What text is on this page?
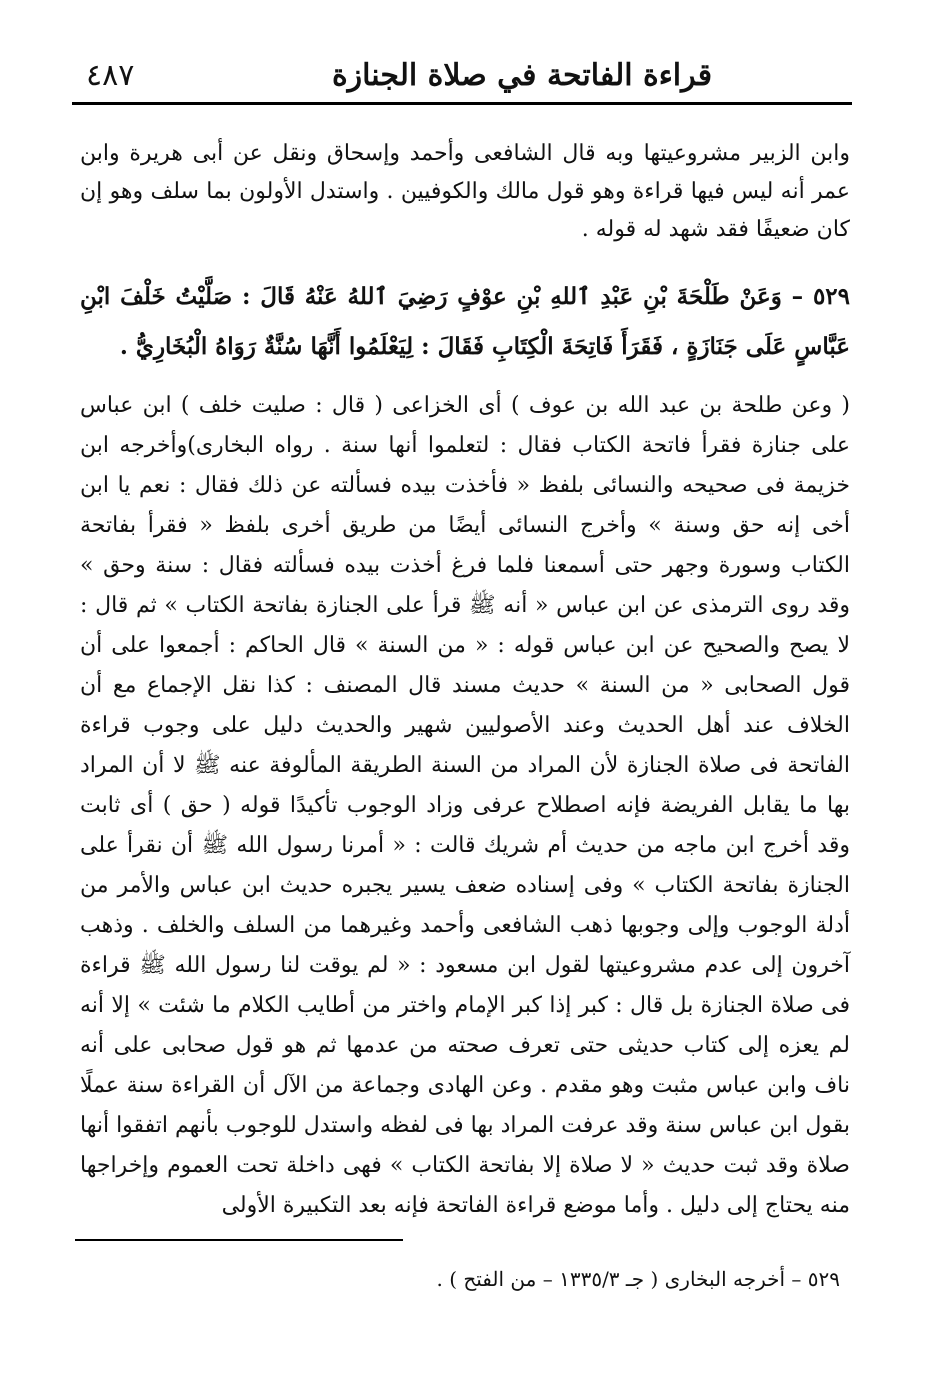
٤٨٧	قراءة الفاتحة في صلاة الجنازة
وابن الزبير مشروعيتها وبه قال الشافعى وأحمد وإسحاق ونقل عن أبى هريرة وابن عمر أنه ليس فيها قراءة وهو قول مالك والكوفيين . واستدل الأولون بما سلف وهو إن كان ضعيفًا فقد شهد له قوله .
٥٢٩ – وَعَنْ طَلْحَةَ بْنِ عَبْدِ ٱللهِ بْنِ عوْفٍ رَضِيَ ٱللهُ عَنْهُ قَالَ : صَلَّيْتُ خَلْفَ ابْنِ عَبَّاسٍ عَلَى جَنَازَةٍ ، فَقَرَأَ فَاتِحَةَ الْكِتَابِ فَقَالَ : لِيَعْلَمُوا أَنَّهَا سُنَّةٌ رَوَاهُ الْبُخَارِيُّ .
( وعن طلحة بن عبد الله بن عوف ) أى الخزاعى ( قال : صليت خلف ) ابن عباس على جنازة فقرأ فاتحة الكتاب فقال : لتعلموا أنها سنة . رواه البخارى)وأخرجه ابن خزيمة فى صحيحه والنسائى بلفظ « فأخذت بيده فسألته عن ذلك فقال : نعم يا ابن أخى إنه حق وسنة » وأخرج النسائى أيضًا من طريق أخرى بلفظ « فقرأ بفاتحة الكتاب وسورة وجهر حتى أسمعنا فلما فرغ أخذت بيده فسألته فقال : سنة وحق » وقد روى الترمذى عن ابن عباس « أنه ﷺ قرأ على الجنازة بفاتحة الكتاب » ثم قال : لا يصح والصحيح عن ابن عباس قوله : « من السنة » قال الحاكم : أجمعوا على أن قول الصحابى « من السنة » حديث مسند قال المصنف : كذا نقل الإجماع مع أن الخلاف عند أهل الحديث وعند الأصوليين شهير والحديث دليل على وجوب قراءة الفاتحة فى صلاة الجنازة لأن المراد من السنة الطريقة المألوفة عنه ﷺ لا أن المراد بها ما يقابل الفريضة فإنه اصطلاح عرفى وزاد الوجوب تأكيدًا قوله ( حق ) أى ثابت وقد أخرج ابن ماجه من حديث أم شريك قالت : « أمرنا رسول الله ﷺ أن نقرأ على الجنازة بفاتحة الكتاب » وفى إسناده ضعف يسير يجبره حديث ابن عباس والأمر من أدلة الوجوب وإلى وجوبها ذهب الشافعى وأحمد وغيرهما من السلف والخلف . وذهب آخرون إلى عدم مشروعيتها لقول ابن مسعود : « لم يوقت لنا رسول الله ﷺ قراءة فى صلاة الجنازة بل قال : كبر إذا كبر الإمام واختر من أطايب الكلام ما شئت » إلا أنه لم يعزه إلى كتاب حديثى حتى تعرف صحته من عدمها ثم هو قول صحابى على أنه ناف وابن عباس مثبت وهو مقدم . وعن الهادى وجماعة من الآل أن القراءة سنة عملًا بقول ابن عباس سنة وقد عرفت المراد بها فى لفظه واستدل للوجوب بأنهم اتفقوا أنها صلاة وقد ثبت حديث « لا صلاة إلا بفاتحة الكتاب » فهى داخلة تحت العموم وإخراجها منه يحتاج إلى دليل . وأما موضع قراءة الفاتحة فإنه بعد التكبيرة الأولى
٥٢٩ – أخرجه البخارى ( جـ ١٣٣٥/٣ – من الفتح ) .
